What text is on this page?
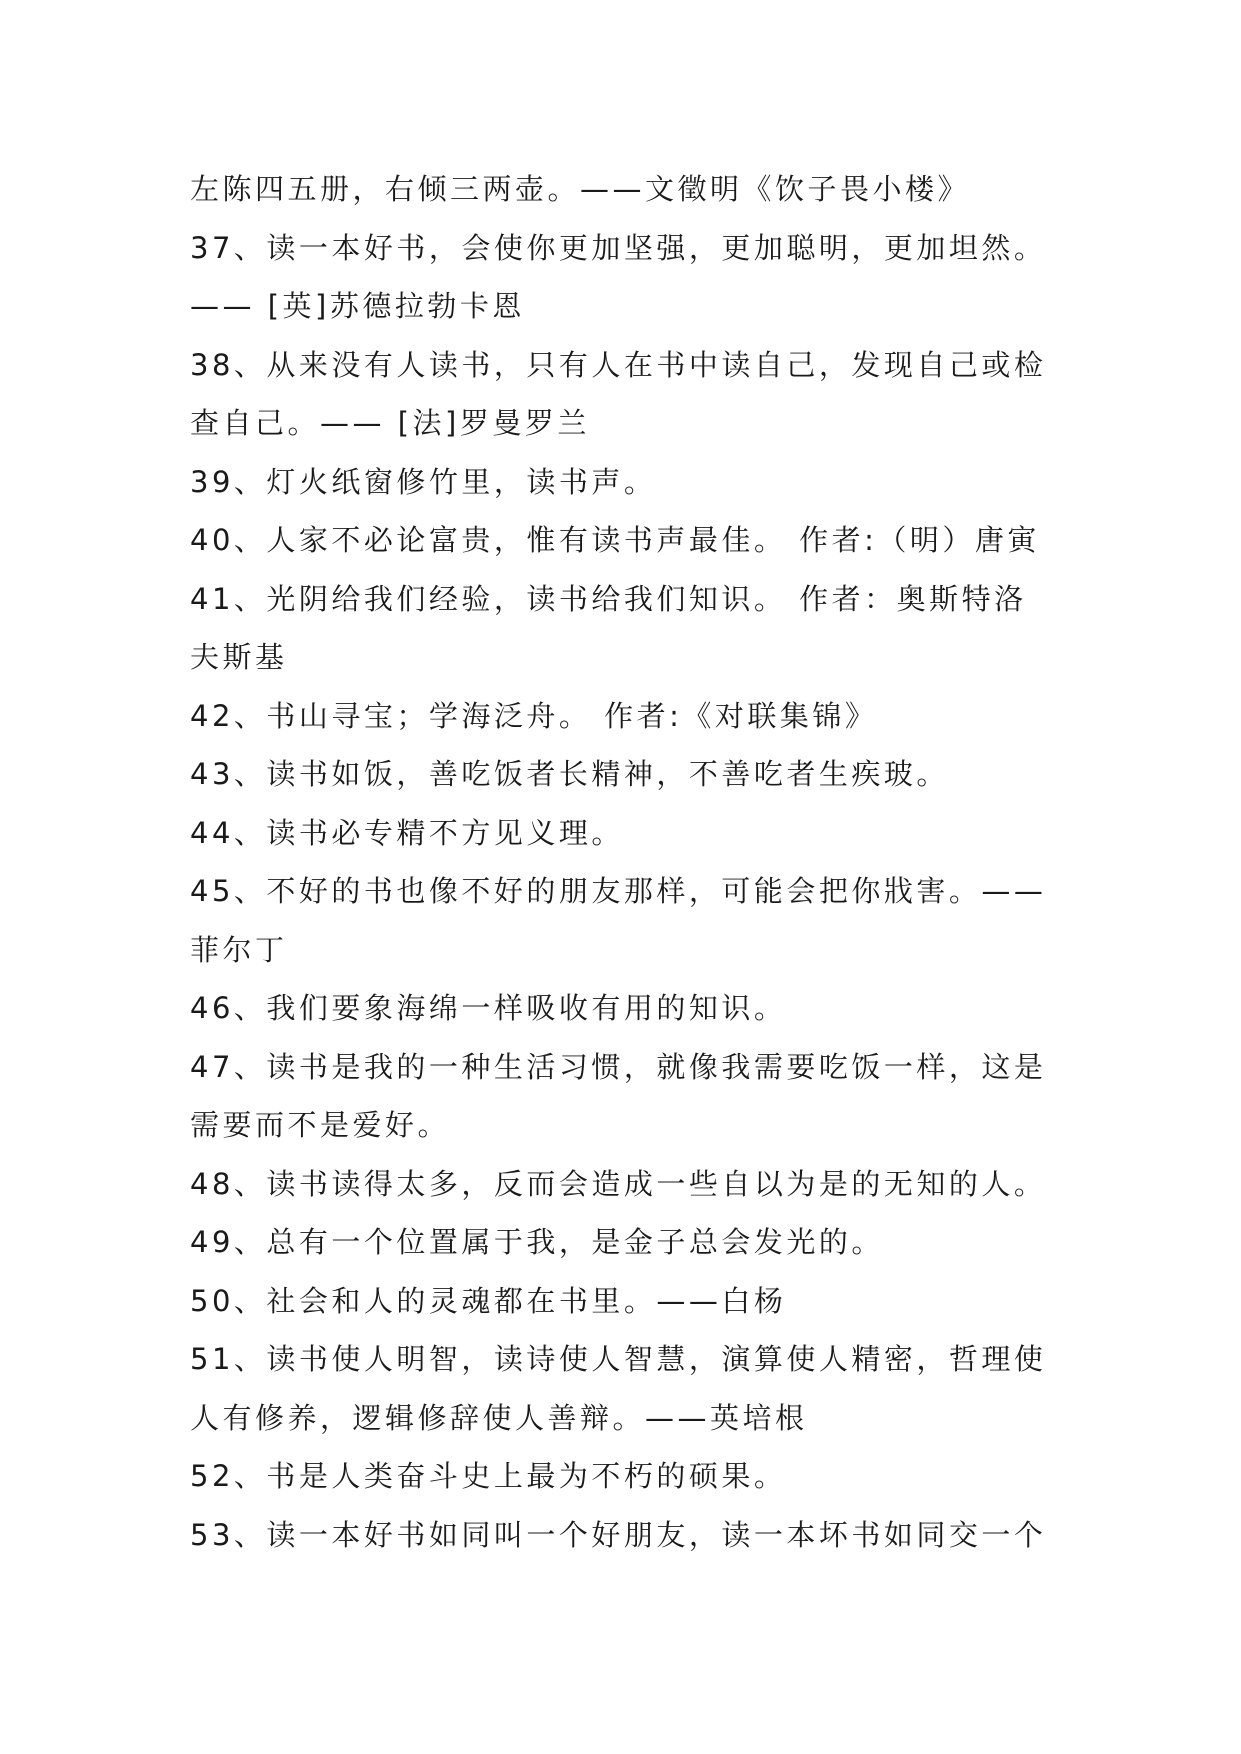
左陈四五册，右倾三两壶。——文徵明《饮子畏小楼》
37、读一本好书，会使你更加坚强，更加聪明，更加坦然。
—— [英]苏德拉勃卡恩
38、从来没有人读书，只有人在书中读自己，发现自己或检
查自己。—— [法]罗曼罗兰
39、灯火纸窗修竹里，读书声。
40、人家不必论富贵，惟有读书声最佳。 作者:（明）唐寅
41、光阴给我们经验，读书给我们知识。 作者：奥斯特洛
夫斯基
42、书山寻宝；学海泛舟。 作者:《对联集锦》
43、读书如饭，善吃饭者长精神，不善吃者生疾玻。
44、读书必专精不方见义理。
45、不好的书也像不好的朋友那样，可能会把你戕害。——
菲尔丁
46、我们要象海绵一样吸收有用的知识。
47、读书是我的一种生活习惯，就像我需要吃饭一样，这是
需要而不是爱好。
48、读书读得太多，反而会造成一些自以为是的无知的人。
49、总有一个位置属于我，是金子总会发光的。
50、社会和人的灵魂都在书里。——白杨
51、读书使人明智，读诗使人智慧，演算使人精密，哲理使
人有修养，逻辑修辞使人善辩。——英培根
52、书是人类奋斗史上最为不朽的硕果。
53、读一本好书如同叫一个好朋友，读一本坏书如同交一个
